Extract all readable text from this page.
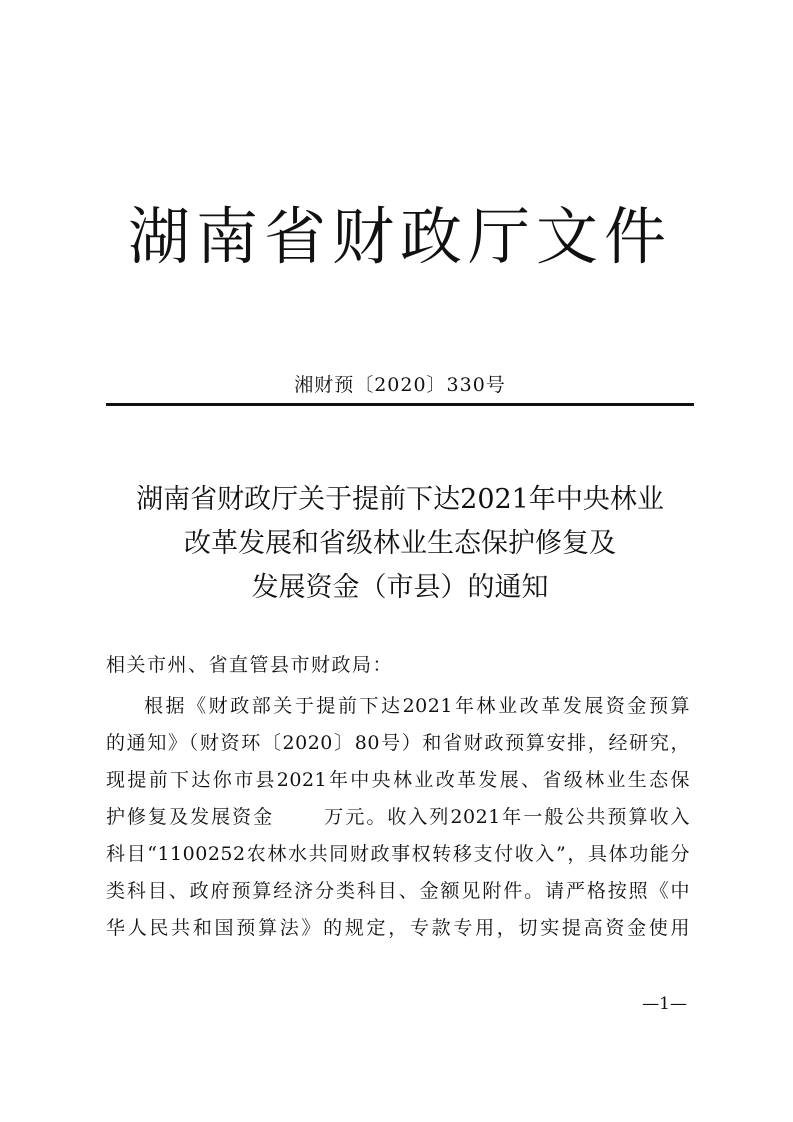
湖南省财政厅文件
湘财预〔2020〕330号
湖南省财政厅关于提前下达2021年中央林业
改革发展和省级林业生态保护修复及
发展资金（市县）的通知
相关市州、省直管县市财政局：
根据《财政部关于提前下达2021年林业改革发展资金预算
的通知》（财资环〔2020〕80号）和省财政预算安排，经研究，
现提前下达你市县2021年中央林业改革发展、省级林业生态保
护修复及发展资金 　　万元。收入列2021年一般公共预算收入
科目“1100252农林水共同财政事权转移支付收入”，具体功能分
类科目、政府预算经济分类科目、金额见附件。请严格按照《中
华人民共和国预算法》的规定，专款专用，切实提高资金使用
—1—
